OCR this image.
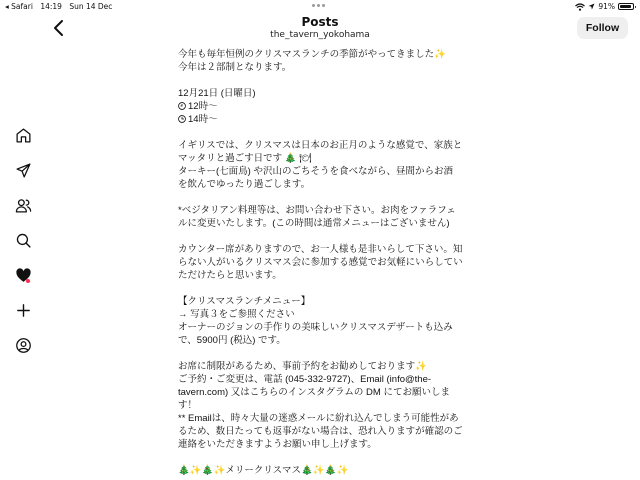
◂ Safari 14:19 Sun 14 Dec	91%
Posts
the_tavern_yokohama
Follow

今年も毎年恒例のクリスマスランチの季節がやってきました✨

今年は２部制となります。

12月21日 (日曜日)

12時〜

14時〜

イギリスでは、クリスマスは日本のお正月のような感覚で、家族と

マッタリと過ごす日です 🎄 🍽

ターキー(七面鳥) や沢山のごちそうを食べながら、昼間からお酒

を飲んでゆったり過ごします。

*ベジタリアン料理等は、お問い合わせ下さい。お肉をファラフェ

ルに変更いたします。(この時間は通常メニューはございません)

カウンター席がありますので、お一人様も是非いらして下さい。知

らない人がいるクリスマス会に参加する感覚でお気軽にいらしてい

ただけたらと思います。

【クリスマスランチメニュー】

→ 写真３をご参照ください

オーナーのジョンの手作りの美味しいクリスマスデザートも込み

で、5900円 (税込) です。

お席に制限があるため、事前予約をお勧めしております✨

ご予約・ご変更は、電話 (045-332-9727)、Email (info@the-

tavern.com) 又はこちらのインスタグラムの DM にてお願いしま

す！

** Emailは、時々大量の迷惑メールに紛れ込んでしまう可能性があ

るため、数日たっても返事がない場合は、恐れ入りますが確認のご

連絡をいただきますようお願い申し上げます。

🎄✨🎄✨メリークリスマス🎄✨🎄✨
